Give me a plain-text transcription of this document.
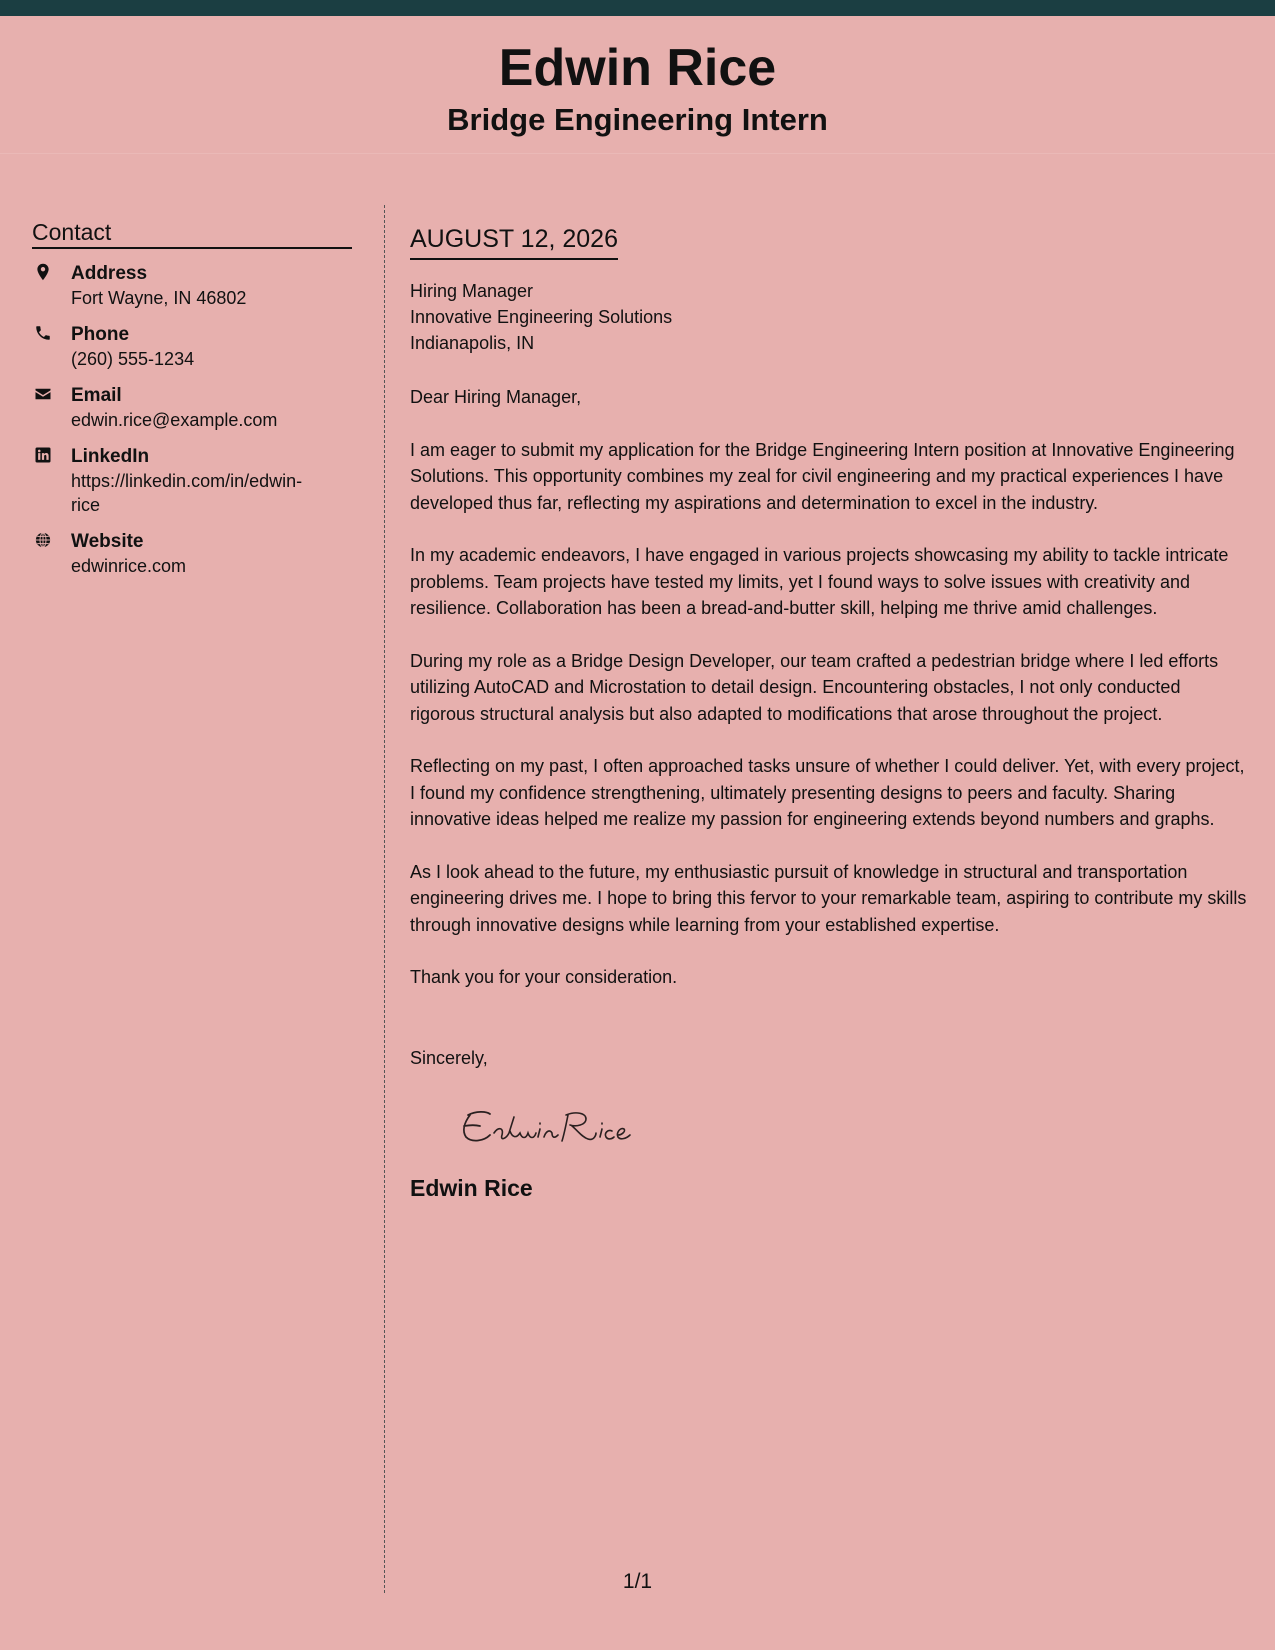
Edwin Rice
Bridge Engineering Intern
Contact
Address
Fort Wayne, IN 46802
Phone
(260) 555-1234
Email
edwin.rice@example.com
LinkedIn
https://linkedin.com/in/edwin-rice
Website
edwinrice.com
AUGUST 12, 2026
Hiring Manager
Innovative Engineering Solutions
Indianapolis, IN

Dear Hiring Manager,

I am eager to submit my application for the Bridge Engineering Intern position at Innovative Engineering Solutions. This opportunity combines my zeal for civil engineering and my practical experiences I have developed thus far, reflecting my aspirations and determination to excel in the industry.

In my academic endeavors, I have engaged in various projects showcasing my ability to tackle intricate problems. Team projects have tested my limits, yet I found ways to solve issues with creativity and resilience. Collaboration has been a bread-and-butter skill, helping me thrive amid challenges.

During my role as a Bridge Design Developer, our team crafted a pedestrian bridge where I led efforts utilizing AutoCAD and Microstation to detail design. Encountering obstacles, I not only conducted rigorous structural analysis but also adapted to modifications that arose throughout the project.

Reflecting on my past, I often approached tasks unsure of whether I could deliver. Yet, with every project, I found my confidence strengthening, ultimately presenting designs to peers and faculty. Sharing innovative ideas helped me realize my passion for engineering extends beyond numbers and graphs.

As I look ahead to the future, my enthusiastic pursuit of knowledge in structural and transportation engineering drives me. I hope to bring this fervor to your remarkable team, aspiring to contribute my skills through innovative designs while learning from your established expertise.

Thank you for your consideration.

Sincerely,
Edwin Rice
1/1
